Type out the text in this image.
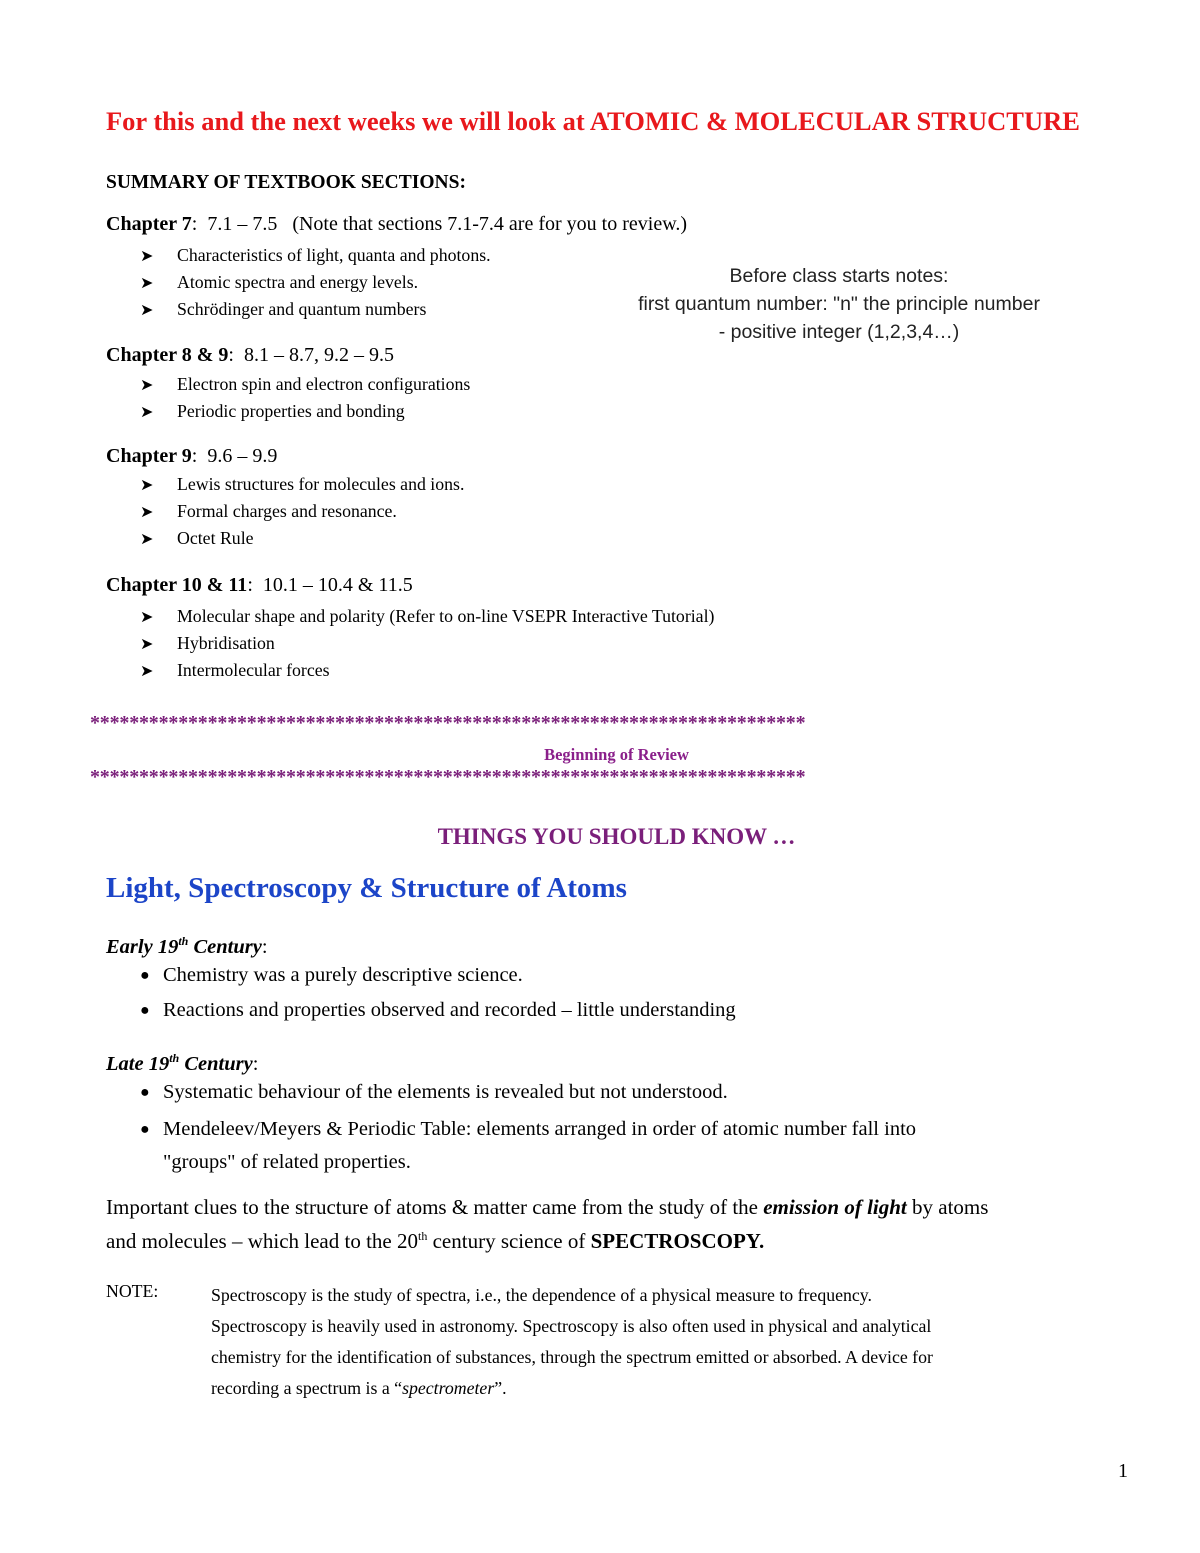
For this and the next weeks we will look at ATOMIC & MOLECULAR STRUCTURE
SUMMARY OF TEXTBOOK SECTIONS:
Chapter 7:  7.1 – 7.5   (Note that sections 7.1-7.4 are for you to review.)
➤ Characteristics of light, quanta and photons.
➤ Atomic spectra and energy levels.
➤ Schrödinger and quantum numbers
Before class starts notes:
first quantum number: "n" the principle number
- positive integer (1,2,3,4…)
Chapter 8 & 9:  8.1 – 8.7, 9.2 – 9.5
➤ Electron spin and electron configurations
➤ Periodic properties and bonding
Chapter 9:  9.6 – 9.9
➤ Lewis structures for molecules and ions.
➤ Formal charges and resonance.
➤ Octet Rule
Chapter 10 & 11:  10.1 – 10.4 & 11.5
➤ Molecular shape and polarity (Refer to on-line VSEPR Interactive Tutorial)
➤ Hybridisation
➤ Intermolecular forces
*************************************************************************
Beginning of Review
*************************************************************************
THINGS YOU SHOULD KNOW …
Light, Spectroscopy & Structure of Atoms
Early 19th Century:
● Chemistry was a purely descriptive science.
● Reactions and properties observed and recorded – little understanding
Late 19th Century:
● Systematic behaviour of the elements is revealed but not understood.
● Mendeleev/Meyers & Periodic Table: elements arranged in order of atomic number fall into
"groups" of related properties.
Important clues to the structure of atoms & matter came from the study of the emission of light by atoms
and molecules – which lead to the 20th century science of SPECTROSCOPY.
NOTE:	Spectroscopy is the study of spectra, i.e., the dependence of a physical measure to frequency.
Spectroscopy is heavily used in astronomy. Spectroscopy is also often used in physical and analytical
chemistry for the identification of substances, through the spectrum emitted or absorbed. A device for
recording a spectrum is a “spectrometer”.
1
